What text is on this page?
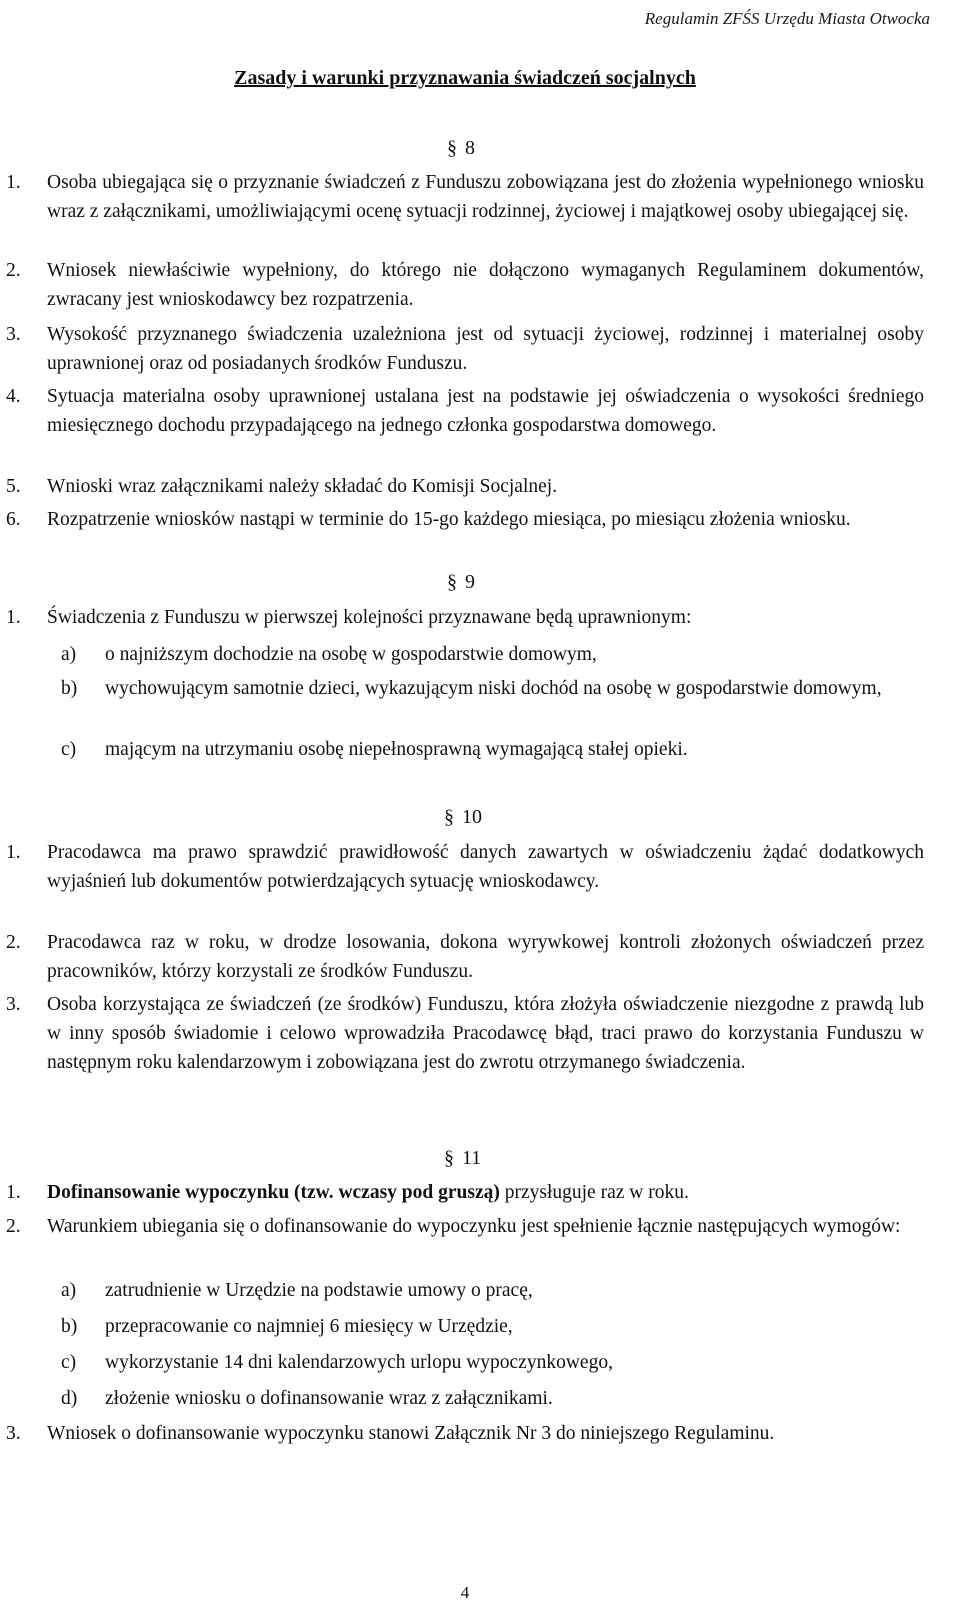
Regulamin ZFŚS Urzędu Miasta Otwocka
Zasady i warunki przyznawania świadczeń socjalnych
§ 8
1.	Osoba ubiegająca się o przyznanie świadczeń z Funduszu zobowiązana jest do złożenia wypełnionego wniosku wraz z załącznikami, umożliwiającymi ocenę sytuacji rodzinnej, życiowej i majątkowej osoby ubiegającej się.
2.	Wniosek niewłaściwie wypełniony, do którego nie dołączono wymaganych Regulaminem dokumentów, zwracany jest wnioskodawcy bez rozpatrzenia.
3.	Wysokość przyznanego świadczenia uzależniona jest od sytuacji życiowej, rodzinnej i materialnej osoby uprawnionej oraz od posiadanych środków Funduszu.
4.	Sytuacja materialna osoby uprawnionej ustalana jest na podstawie jej oświadczenia o wysokości średniego miesięcznego dochodu przypadającego na jednego członka gospodarstwa domowego.
5.	Wnioski wraz załącznikami należy składać do Komisji Socjalnej.
6.	Rozpatrzenie wniosków nastąpi w terminie do 15-go każdego miesiąca, po miesiącu złożenia wniosku.
§ 9
1.	Świadczenia z Funduszu w pierwszej kolejności przyznawane będą uprawnionym:
a)	o najniższym dochodzie na osobę w gospodarstwie domowym,
b)	wychowującym samotnie dzieci, wykazującym niski dochód na osobę w gospodarstwie domowym,
c)	mającym na utrzymaniu osobę niepełnosprawną wymagającą stałej opieki.
§ 10
1.	Pracodawca ma prawo sprawdzić prawidłowość danych zawartych w oświadczeniu żądać dodatkowych wyjaśnień lub dokumentów potwierdzających sytuację wnioskodawcy.
2.	Pracodawca raz w roku, w drodze losowania, dokona wyrywkowej kontroli złożonych oświadczeń przez pracowników, którzy korzystali ze środków Funduszu.
3.	Osoba korzystająca ze świadczeń (ze środków) Funduszu, która złożyła oświadczenie niezgodne z prawdą lub w inny sposób świadomie i celowo wprowadziła Pracodawcę błąd, traci prawo do korzystania Funduszu w następnym roku kalendarzowym i zobowiązana jest do zwrotu otrzymanego świadczenia.
§ 11
1.	Dofinansowanie wypoczynku (tzw. wczasy pod gruszą) przysługuje raz w roku.
2.	Warunkiem ubiegania się o dofinansowanie do wypoczynku jest spełnienie łącznie następujących wymogów:
a)	zatrudnienie w Urzędzie na podstawie umowy o pracę,
b)	przepracowanie co najmniej 6 miesięcy w Urzędzie,
c)	wykorzystanie 14 dni kalendarzowych urlopu wypoczynkowego,
d)	złożenie wniosku o dofinansowanie wraz z załącznikami.
3.	Wniosek o dofinansowanie wypoczynku stanowi Załącznik Nr 3 do niniejszego Regulaminu.
4
